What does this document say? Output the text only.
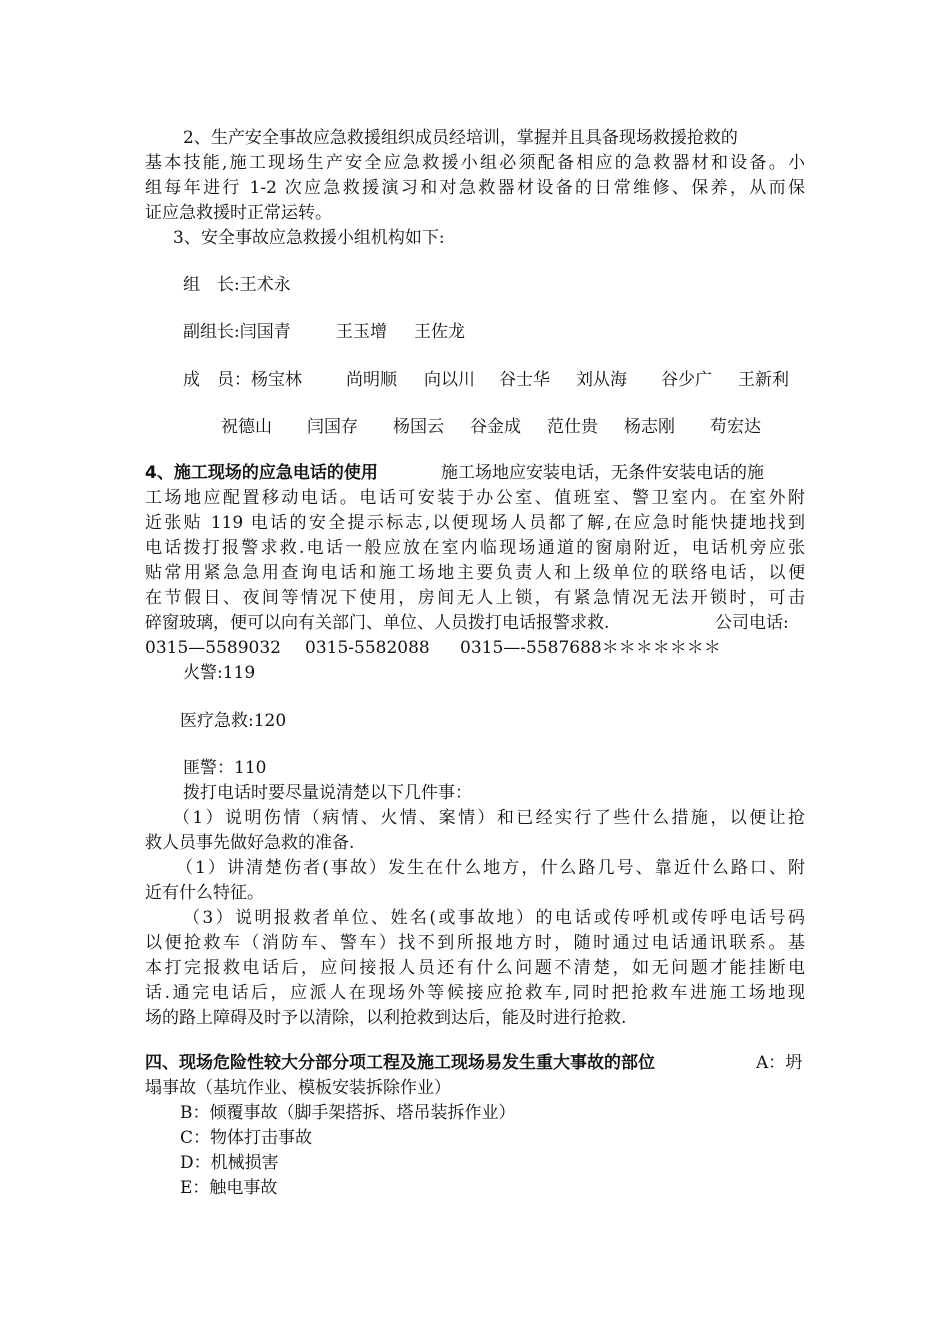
2、生产安全事故应急救援组织成员经培训，掌握并且具备现场救援抢救的
基本技能,施工现场生产安全应急救援小组必须配备相应的急救器材和设备。小
组每年进行 1-2 次应急救援演习和对急救器材设备的日常维修、保养，从而保
证应急救援时正常运转。
3、安全事故应急救援小组机构如下:
组　长:王术永
副组长:闫国青	王玉增 王佐龙
成　员：杨宝林	尚明顺 向以川 谷士华 刘从海 谷少广 王新利
祝德山 闫国存 杨国云 谷金成 范仕贵 杨志刚 苟宏达
4、施工现场的应急电话的使用	施工场地应安装电话，无条件安装电话的施
工场地应配置移动电话。电话可安装于办公室、值班室、警卫室内。在室外附
近张贴 119 电话的安全提示标志,以便现场人员都了解,在应急时能快捷地找到
电话拨打报警求救.电话一般应放在室内临现场通道的窗扇附近，电话机旁应张
贴常用紧急急用查询电话和施工场地主要负责人和上级单位的联络电话，以便
在节假日、夜间等情况下使用，房间无人上锁，有紧急情况无法开锁时，可击
碎窗玻璃，便可以向有关部门、单位、人员拨打电话报警求救.	公司电话:
0315—5589032 0315-5582088 0315—-5587688＊＊＊＊＊＊＊
火警:119
医疗急救:120
匪警：110
拨打电话时要尽量说清楚以下几件事：
（1）说明伤情（病情、火情、案情）和已经实行了些什么措施，以便让抢
救人员事先做好急救的准备.
（1）讲清楚伤者(事故）发生在什么地方，什么路几号、靠近什么路口、附
近有什么特征。
（3）说明报救者单位、姓名(或事故地）的电话或传呼机或传呼电话号码
以便抢救车（消防车、警车）找不到所报地方时，随时通过电话通讯联系。基
本打完报救电话后，应问接报人员还有什么问题不清楚，如无问题才能挂断电
话.通完电话后，应派人在现场外等候接应抢救车,同时把抢救车进施工场地现
场的路上障碍及时予以清除，以利抢救到达后，能及时进行抢救.
四、现场危险性较大分部分项工程及施工现场易发生重大事故的部位	A：坍
塌事故（基坑作业、模板安装拆除作业）
B：倾覆事故（脚手架搭拆、塔吊装拆作业）
C：物体打击事故
D：机械损害
E：触电事故
